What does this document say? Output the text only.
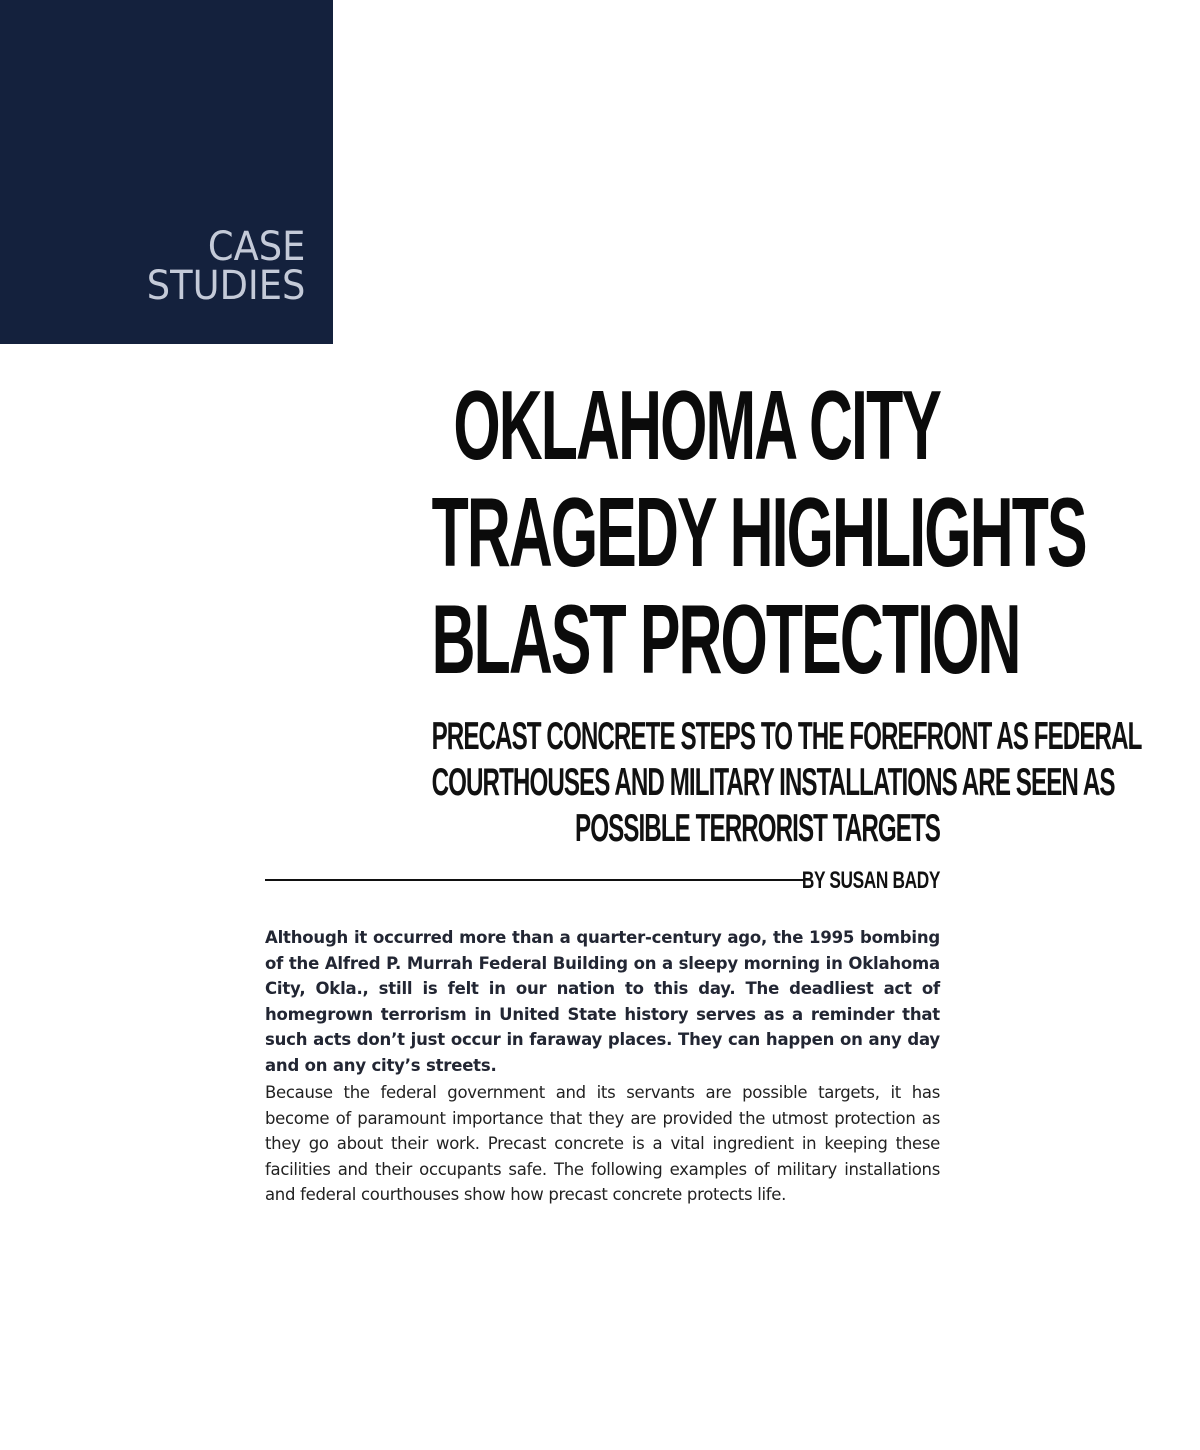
CASE
STUDIES
OKLAHOMA CITY
TRAGEDY HIGHLIGHTS
BLAST PROTECTION
PRECAST CONCRETE STEPS TO THE FOREFRONT AS FEDERAL
COURTHOUSES AND MILITARY INSTALLATIONS ARE SEEN AS
POSSIBLE TERRORIST TARGETS
BY SUSAN BADY

Although it occurred more than a quarter-century ago, the 1995 bombing of the Alfred P. Murrah Federal Building on a sleepy morning in Oklahoma City, Okla., still is felt in our nation to this day. The deadliest act of homegrown terrorism in United State history serves as a reminder that such acts don’t just occur in faraway places. They can happen on any day and on any city’s streets.

Because the federal government and its servants are possible targets, it has become of paramount importance that they are provided the utmost protection as they go about their work. Precast concrete is a vital ingredient in keeping these facilities and their occupants safe. The following examples of military installations and federal courthouses show how precast concrete protects life.
